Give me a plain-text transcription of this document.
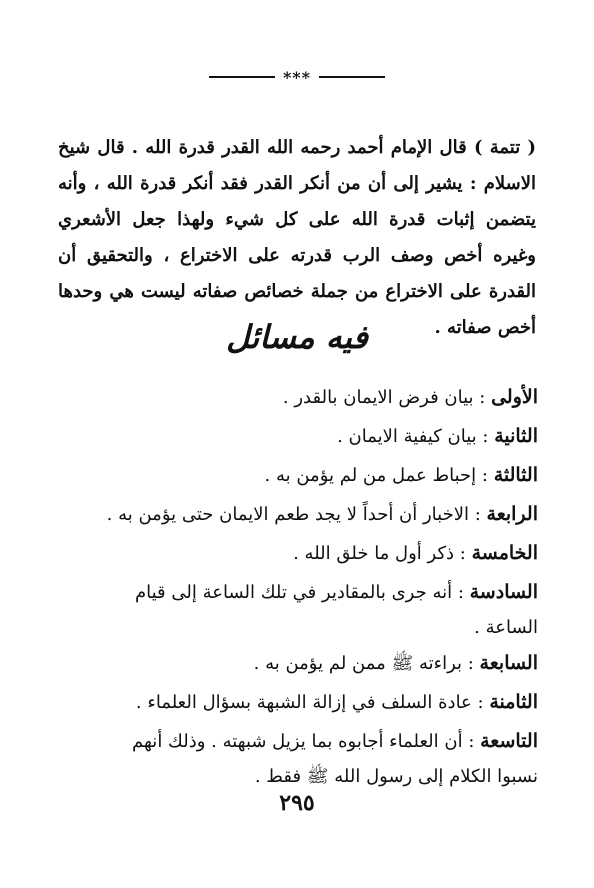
***

( تتمة ) قال الإمام أحمد رحمه الله القدر قدرة الله . قال شيخ الاسلام : يشير إلى أن من أنكر القدر فقد أنكر قدرة الله ، وأنه يتضمن إثبات قدرة الله على كل شيء ولهذا جعل الأشعري وغيره أخص وصف الرب قدرته على الاختراع ، والتحقيق أن القدرة على الاختراع من جملة خصائص صفاته ليست هي وحدها أخص صفاته .

فيه مسائل

الأولى : بيان فرض الايمان بالقدر .

الثانية : بيان كيفية الايمان .

الثالثة : إحباط عمل من لم يؤمن به .

الرابعة : الاخبار أن أحداً لا يجد طعم الايمان حتى يؤمن به .

الخامسة : ذكر أول ما خلق الله .

السادسة : أنه جرى بالمقادير في تلك الساعة إلى قيام
الساعة .

السابعة : براءته ﷺ ممن لم يؤمن به .

الثامنة : عادة السلف في إزالة الشبهة بسؤال العلماء .

التاسعة : أن العلماء أجابوه بما يزيل شبهته . وذلك أنهم
نسبوا الكلام إلى رسول الله ﷺ فقط .

٢٩٥
